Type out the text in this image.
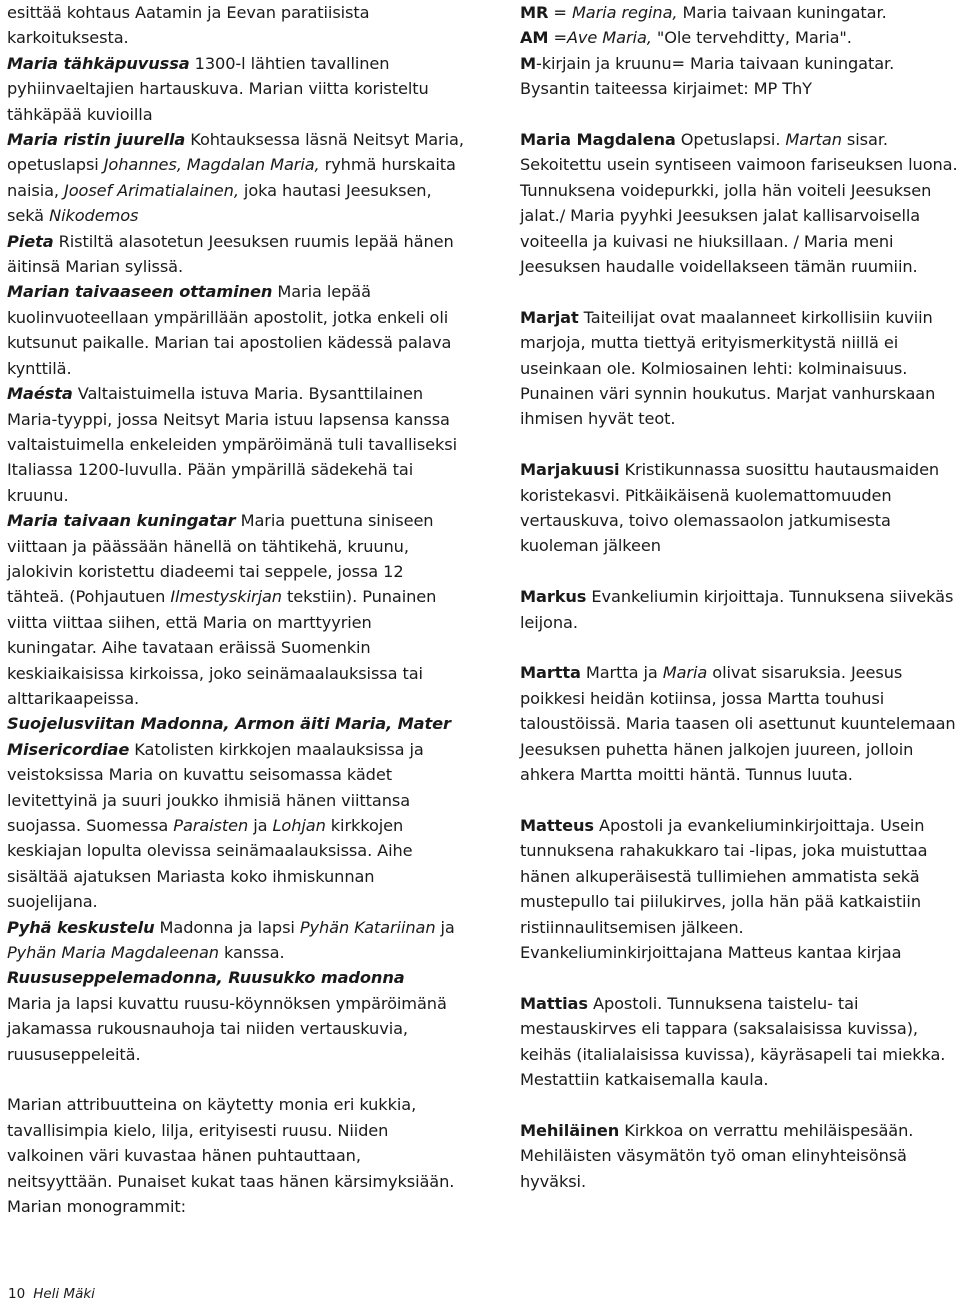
esittää kohtaus Aatamin ja Eevan paratiisista karkoituksesta.

Maria tähkäpuvussa 1300-l lähtien tavallinen pyhiinvaeltajien hartauskuva. Marian viitta koristeltu tähkäpää kuvioilla

Maria ristin juurella Kohtauksessa läsnä Neitsyt Maria, opetuslapsi Johannes, Magdalan Maria, ryhmä hurskaita naisia, Joosef Arimatialainen, joka hautasi Jeesuksen, sekä Nikodemos

Pieta Ristiltä alasotetun Jeesuksen ruumis lepää hänen äitinsä Marian sylissä.

Marian taivaaseen ottaminen Maria lepää kuolinvuoteellaan ympärillään apostolit, jotka enkeli oli kutsunut paikalle. Marian tai apostolien kädessä palava kynttilä.

Maésta Valtaistuimella istuva Maria. Bysanttilainen Maria-tyyppi, jossa Neitsyt Maria istuu lapsensa kanssa valtaistuimella enkeleiden ympäröimänä tuli tavalliseksi Italiassa 1200-luvulla. Pään ympärillä sädekehä tai kruunu.

Maria taivaan kuningatar Maria puettuna siniseen viittaan ja päässään hänellä on tähtikehä, kruunu, jalokivin koristettu diadeemi tai seppele, jossa 12 tähteä. (Pohjautuen Ilmestyskirjan tekstiin). Punainen viitta viittaa siihen, että Maria on marttyyrien kuningatar. Aihe tavataan eräissä Suomenkin keskiaikaisissa kirkoissa, joko seinämaalauksissa tai alttarikaapeissa.

Suojelusviitan Madonna, Armon äiti Maria, Mater Misericordiae Katolisten kirkkojen maalauksissa ja veistoksissa Maria on kuvattu seisomassa kädet levitettyinä ja suuri joukko ihmisiä hänen viittansa suojassa. Suomessa Paraisten ja Lohjan kirkkojen keskiajan lopulta olevissa seinämaalauksissa. Aihe sisältää ajatuksen Mariasta koko ihmiskunnan suojelijana.

Pyhä keskustelu Madonna ja lapsi Pyhän Katariinan ja Pyhän Maria Magdaleenan kanssa.

Ruususeppelemadonna, Ruusukko madonna
Maria ja lapsi kuvattu ruusu-köynnöksen ympäröimänä jakamassa rukousnauhoja tai niiden vertauskuvia, ruususeppeleitä.

Marian attribuutteina on käytetty monia eri kukkia, tavallisimpia kielo, lilja, erityisesti ruusu. Niiden valkoinen väri kuvastaa hänen puhtauttaan, neitsyyttään. Punaiset kukat taas hänen kärsimyksiään.

Marian monogrammit:

MR = Maria regina, Maria taivaan kuningatar.

AM =Ave Maria, "Ole tervehditty, Maria".

M-kirjain ja kruunu= Maria taivaan kuningatar.

Bysantin taiteessa kirjaimet: MP ThY

Maria Magdalena Opetuslapsi. Martan sisar. Sekoitettu usein syntiseen vaimoon fariseuksen luona. Tunnuksena voidepurkki, jolla hän voiteli Jeesuksen jalat./ Maria pyyhki Jeesuksen jalat kallisarvoisella voiteella ja kuivasi ne hiuksillaan. / Maria meni Jeesuksen haudalle voidellakseen tämän ruumiin.

Marjat Taiteilijat ovat maalanneet kirkollisiin kuviin marjoja, mutta tiettyä erityismerkitystä niillä ei useinkaan ole. Kolmiosainen lehti: kolminaisuus. Punainen väri synnin houkutus. Marjat vanhurskaan ihmisen hyvät teot.

Marjakuusi Kristikunnassa suosittu hautausmaiden koristekasvi. Pitkäikäisenä kuolemattomuuden vertauskuva, toivo olemassaolon jatkumisesta kuoleman jälkeen

Markus Evankeliumin kirjoittaja. Tunnuksena siivekäs leijona.

Martta Martta ja Maria olivat sisaruksia. Jeesus poikkesi heidän kotiinsa, jossa Martta touhusi taloustöissä. Maria taasen oli asettunut kuuntelemaan Jeesuksen puhetta hänen jalkojen juureen, jolloin ahkera Martta moitti häntä. Tunnus luuta.

Matteus Apostoli ja evankeliuminkirjoittaja. Usein tunnuksena rahakukkaro tai -lipas, joka muistuttaa hänen alkuperäisestä tullimiehen ammatista sekä mustepullo tai piilukirves, jolla hän pää katkaistiin ristiinnaulitsemisen jälkeen.

Evankeliuminkirjoittajana Matteus kantaa kirjaa

Mattias Apostoli. Tunnuksena taistelu- tai mestauskirves eli tappara (saksalaisissa kuvissa), keihäs (italialaisissa kuvissa), käyräsapeli tai miekka. Mestattiin katkaisemalla kaula.

Mehiläinen Kirkkoa on verrattu mehiläispesään. Mehiläisten väsymätön työ oman elinyhteisönsä hyväksi.

10 Heli Mäki
